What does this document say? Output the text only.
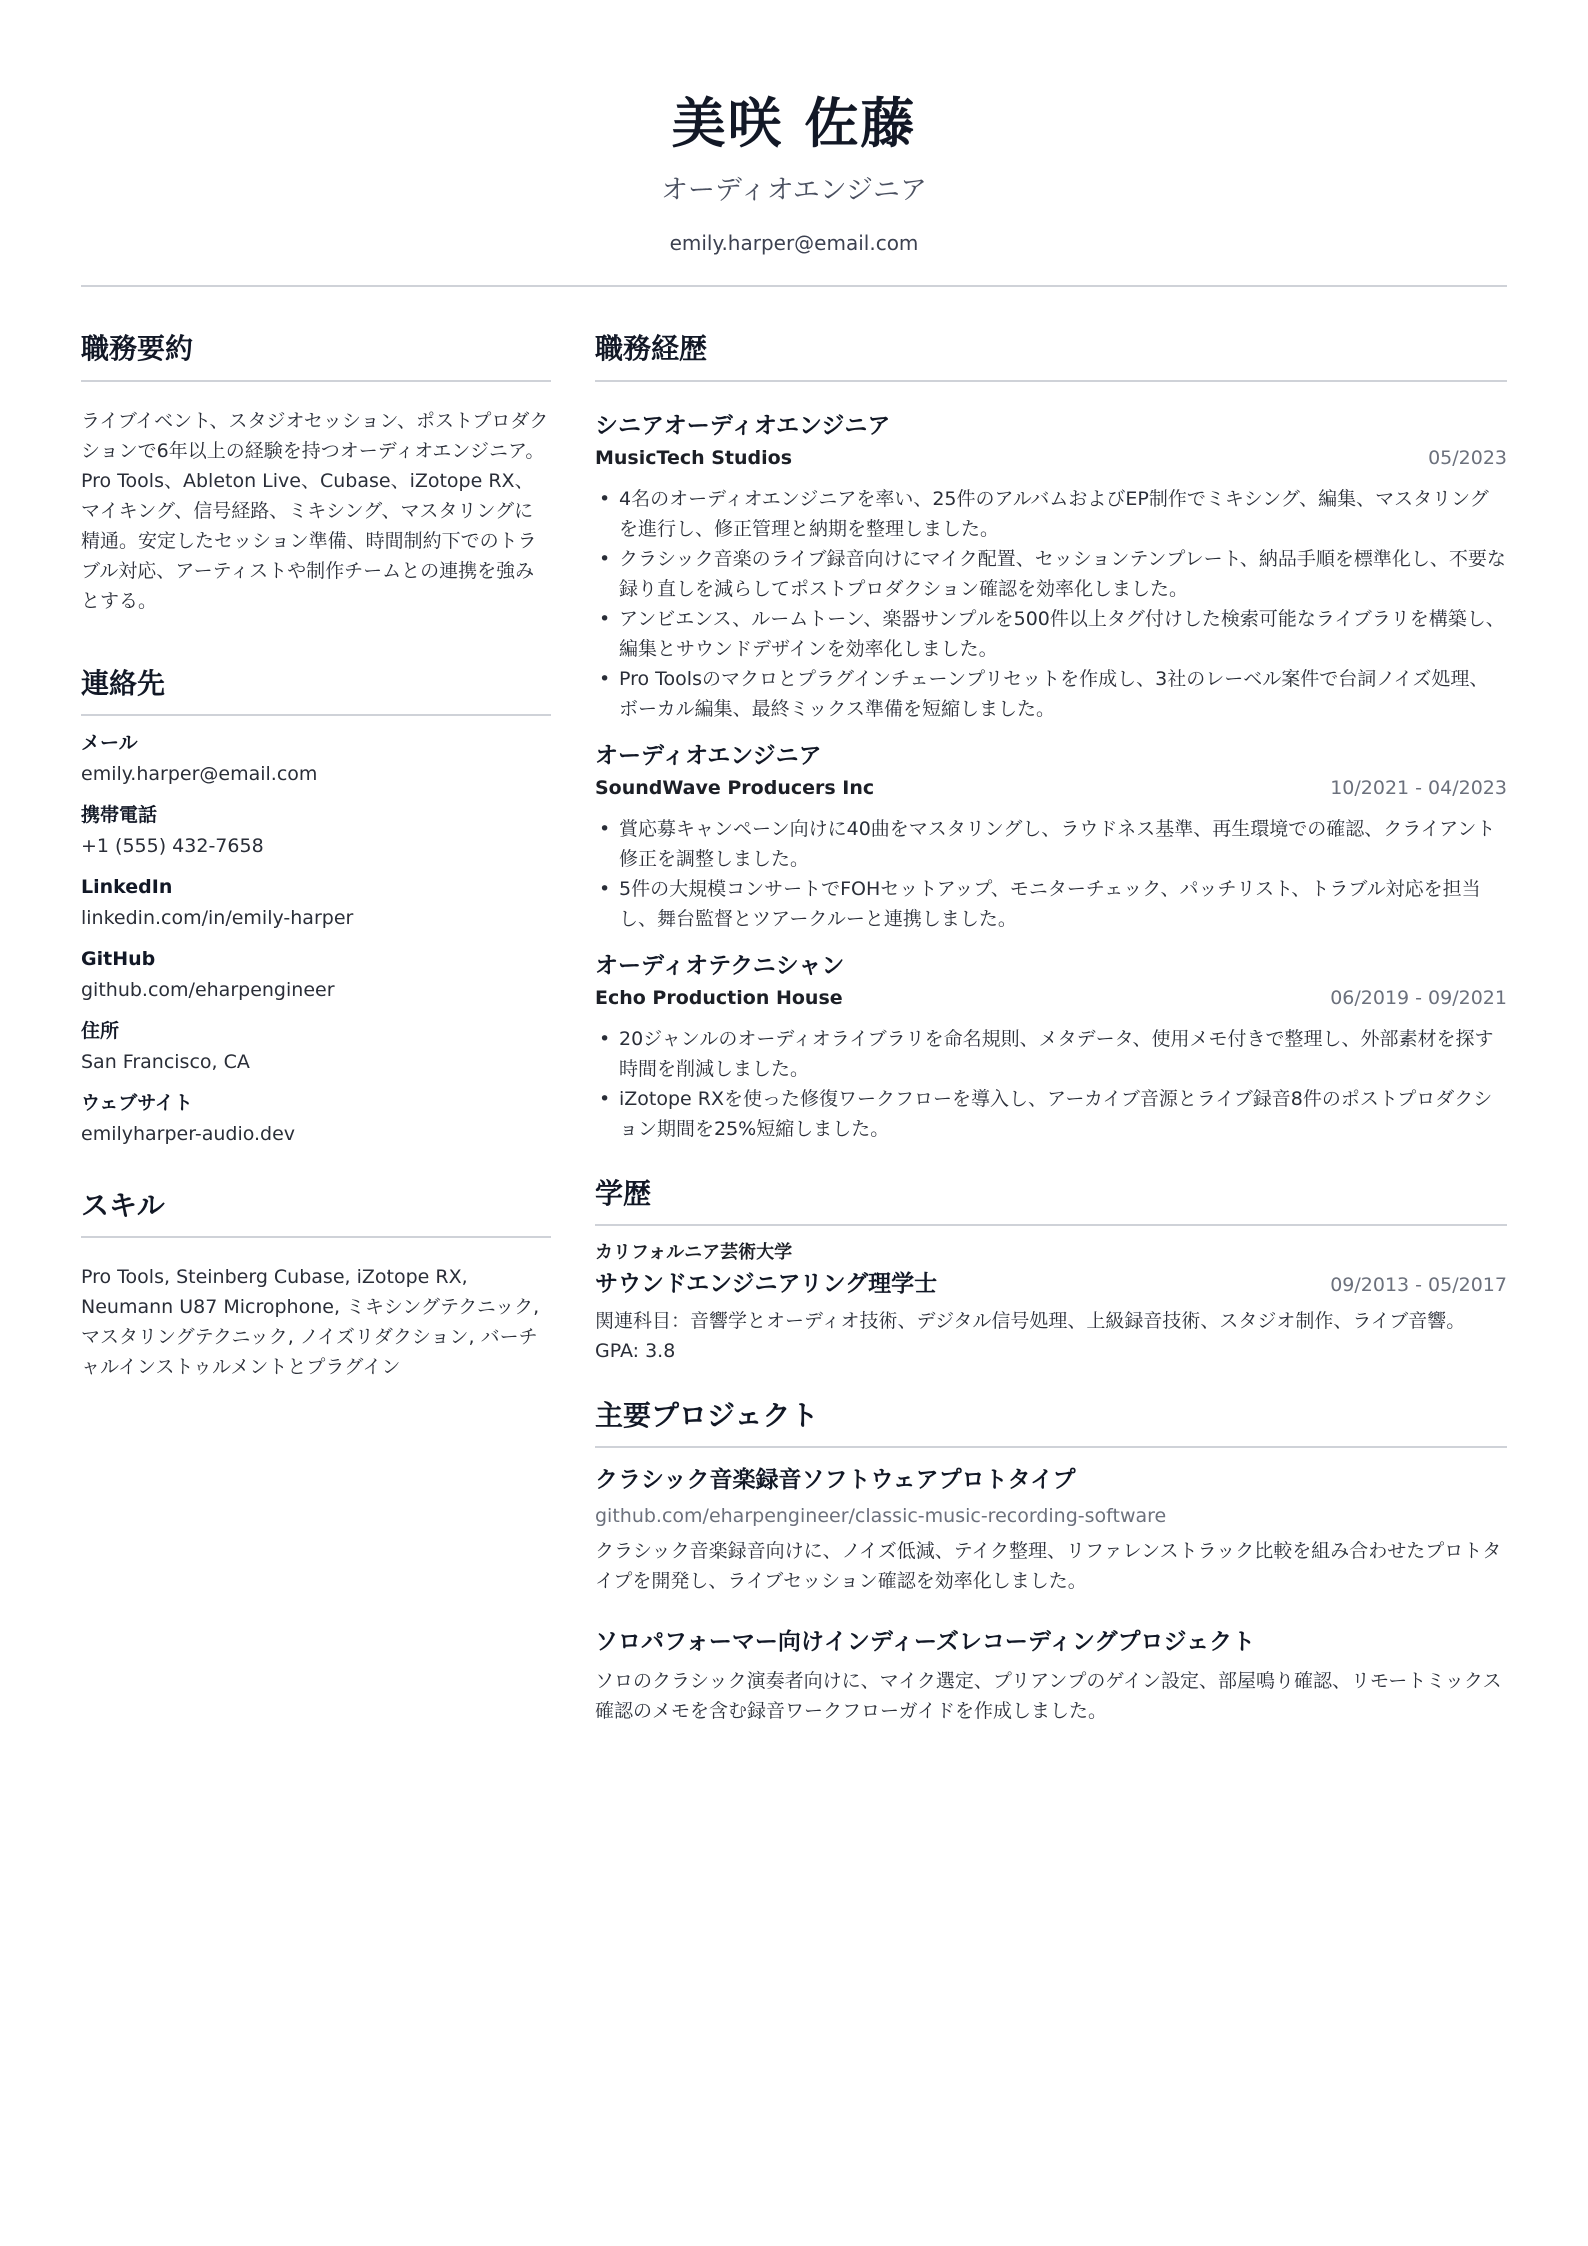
美咲 佐藤
オーディオエンジニア
emily.harper@email.com
職務要約
ライブイベント、スタジオセッション、ポストプロダクションで6年以上の経験を持つオーディオエンジニア。Pro Tools、Ableton Live、Cubase、iZotope RX、マイキング、信号経路、ミキシング、マスタリングに精通。安定したセッション準備、時間制約下でのトラブル対応、アーティストや制作チームとの連携を強みとする。
連絡先
メール
emily.harper@email.com
携帯電話
+1 (555) 432-7658
LinkedIn
linkedin.com/in/emily-harper
GitHub
github.com/eharpengineer
住所
San Francisco, CA
ウェブサイト
emilyharper-audio.dev
スキル
Pro Tools, Steinberg Cubase, iZotope RX, Neumann U87 Microphone, ミキシングテクニック, マスタリングテクニック, ノイズリダクション, バーチャルインストゥルメントとプラグイン
職務経歴
シニアオーディオエンジニア
MusicTech Studios	05/2023
• 4名のオーディオエンジニアを率い、25件のアルバムおよびEP制作でミキシング、編集、マスタリングを進行し、修正管理と納期を整理しました。
• クラシック音楽のライブ録音向けにマイク配置、セッションテンプレート、納品手順を標準化し、不要な録り直しを減らしてポストプロダクション確認を効率化しました。
• アンビエンス、ルームトーン、楽器サンプルを500件以上タグ付けした検索可能なライブラリを構築し、編集とサウンドデザインを効率化しました。
• Pro Toolsのマクロとプラグインチェーンプリセットを作成し、3社のレーベル案件で台詞ノイズ処理、ボーカル編集、最終ミックス準備を短縮しました。
オーディオエンジニア
SoundWave Producers Inc	10/2021 - 04/2023
• 賞応募キャンペーン向けに40曲をマスタリングし、ラウドネス基準、再生環境での確認、クライアント修正を調整しました。
• 5件の大規模コンサートでFOHセットアップ、モニターチェック、パッチリスト、トラブル対応を担当し、舞台監督とツアークルーと連携しました。
オーディオテクニシャン
Echo Production House	06/2019 - 09/2021
• 20ジャンルのオーディオライブラリを命名規則、メタデータ、使用メモ付きで整理し、外部素材を探す時間を削減しました。
• iZotope RXを使った修復ワークフローを導入し、アーカイブ音源とライブ録音8件のポストプロダクション期間を25%短縮しました。
学歴
カリフォルニア芸術大学
サウンドエンジニアリング理学士	09/2013 - 05/2017
関連科目：音響学とオーディオ技術、デジタル信号処理、上級録音技術、スタジオ制作、ライブ音響。GPA: 3.8
主要プロジェクト
クラシック音楽録音ソフトウェアプロトタイプ
github.com/eharpengineer/classic-music-recording-software
クラシック音楽録音向けに、ノイズ低減、テイク整理、リファレンストラック比較を組み合わせたプロトタイプを開発し、ライブセッション確認を効率化しました。
ソロパフォーマー向けインディーズレコーディングプロジェクト
ソロのクラシック演奏者向けに、マイク選定、プリアンプのゲイン設定、部屋鳴り確認、リモートミックス確認のメモを含む録音ワークフローガイドを作成しました。
